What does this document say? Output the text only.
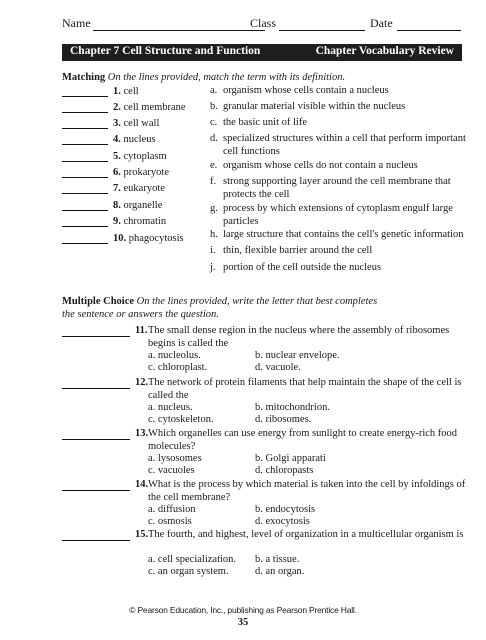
Name	Class	Date
Chapter 7 Cell Structure and Function	Chapter Vocabulary Review
Matching On the lines provided, match the term with its definition.
1. cell
2. cell membrane
3. cell wall
4. nucleus
5. cytoplasm
6. prokaryote
7. eukaryote
8. organelle
9. chromatin
10. phagocytosis
a. organism whose cells contain a nucleus
b. granular material visible within the nucleus
c. the basic unit of life
d. specialized structures within a cell that perform important cell functions
e. organism whose cells do not contain a nucleus
f. strong supporting layer around the cell membrane that protects the cell
g. process by which extensions of cytoplasm engulf large particles
h. large structure that contains the cell's genetic information
i. thin, flexible barrier around the cell
j. portion of the cell outside the nucleus
Multiple Choice On the lines provided, write the letter that best completes
the sentence or answers the question.
11. The small dense region in the nucleus where the assembly of ribosomes begins is called the
a. nucleolus.	b. nuclear envelope.
c. chloroplast.	d. vacuole.
12. The network of protein filaments that help maintain the shape of the cell is called the
a. nucleus.	b. mitochondrion.
c. cytoskeleton.	d. ribosomes.
13. Which organelles can use energy from sunlight to create energy-rich food molecules?
a. lysosomes	b. Golgi apparati
c. vacuoles	d. chloropasts
14. What is the process by which material is taken into the cell by infoldings of the cell membrane?
a. diffusion	b. endocytosis
c. osmosis	d. exocytosis
15. The fourth, and highest, level of organization in a multicellular organism is
a. cell specialization. b. a tissue.
c. an organ system.	d. an organ.
© Pearson Education, Inc., publishing as Pearson Prentice Hall.
35
